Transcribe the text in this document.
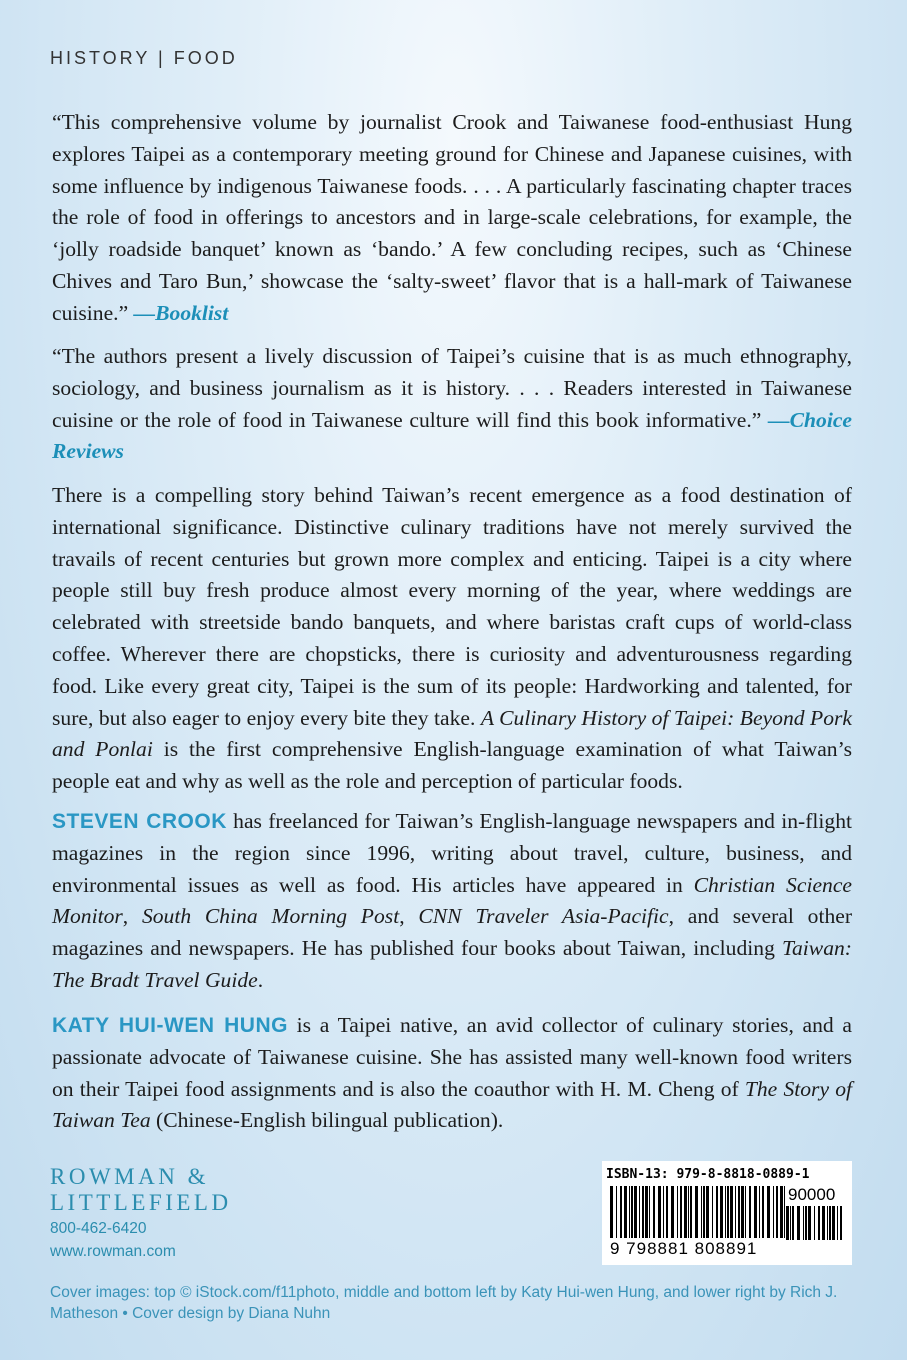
HISTORY | FOOD

“This comprehensive volume by journalist Crook and Taiwanese food-enthusiast Hung explores Taipei as a contemporary meeting ground for Chinese and Japanese cuisines, with some influence by indigenous Taiwanese foods. . . . A particularly fascinating chapter traces the role of food in offerings to ancestors and in large-scale celebrations, for example, the ‘jolly roadside banquet’ known as ‘bando.’ A few concluding recipes, such as ‘Chinese Chives and Taro Bun,’ showcase the ‘salty-sweet’ flavor that is a hall-mark of Taiwanese cuisine.” —Booklist

“The authors present a lively discussion of Taipei’s cuisine that is as much ethnography, sociology, and business journalism as it is history. . . . Readers interested in Taiwanese cuisine or the role of food in Taiwanese culture will find this book informative.” —Choice Reviews

There is a compelling story behind Taiwan’s recent emergence as a food destination of international significance. Distinctive culinary traditions have not merely survived the travails of recent centuries but grown more complex and enticing. Taipei is a city where people still buy fresh produce almost every morning of the year, where weddings are celebrated with streetside bando banquets, and where baristas craft cups of world-class coffee. Wherever there are chopsticks, there is curiosity and adventurousness regarding food. Like every great city, Taipei is the sum of its people: Hardworking and talented, for sure, but also eager to enjoy every bite they take. A Culinary History of Taipei: Beyond Pork and Ponlai is the first comprehensive English-language examination of what Taiwan’s people eat and why as well as the role and perception of particular foods.

STEVEN CROOK has freelanced for Taiwan’s English-language newspapers and in-flight magazines in the region since 1996, writing about travel, culture, business, and environmental issues as well as food. His articles have appeared in Christian Science Monitor, South China Morning Post, CNN Traveler Asia-Pacific, and several other magazines and newspapers. He has published four books about Taiwan, including Taiwan: The Bradt Travel Guide.

KATY HUI-WEN HUNG is a Taipei native, an avid collector of culinary stories, and a passionate advocate of Taiwanese cuisine. She has assisted many well-known food writers on their Taipei food assignments and is also the coauthor with H. M. Cheng of The Story of Taiwan Tea (Chinese-English bilingual publication).

ROWMAN &
LITTLEFIELD
800-462-6420
www.rowman.com
ISBN-13: 979-8-8818-0889-1
90000
9 798881 808891
Cover images: top © iStock.com/f11photo, middle and bottom left by Katy Hui-wen Hung, and lower right by Rich J. Matheson • Cover design by Diana Nuhn
